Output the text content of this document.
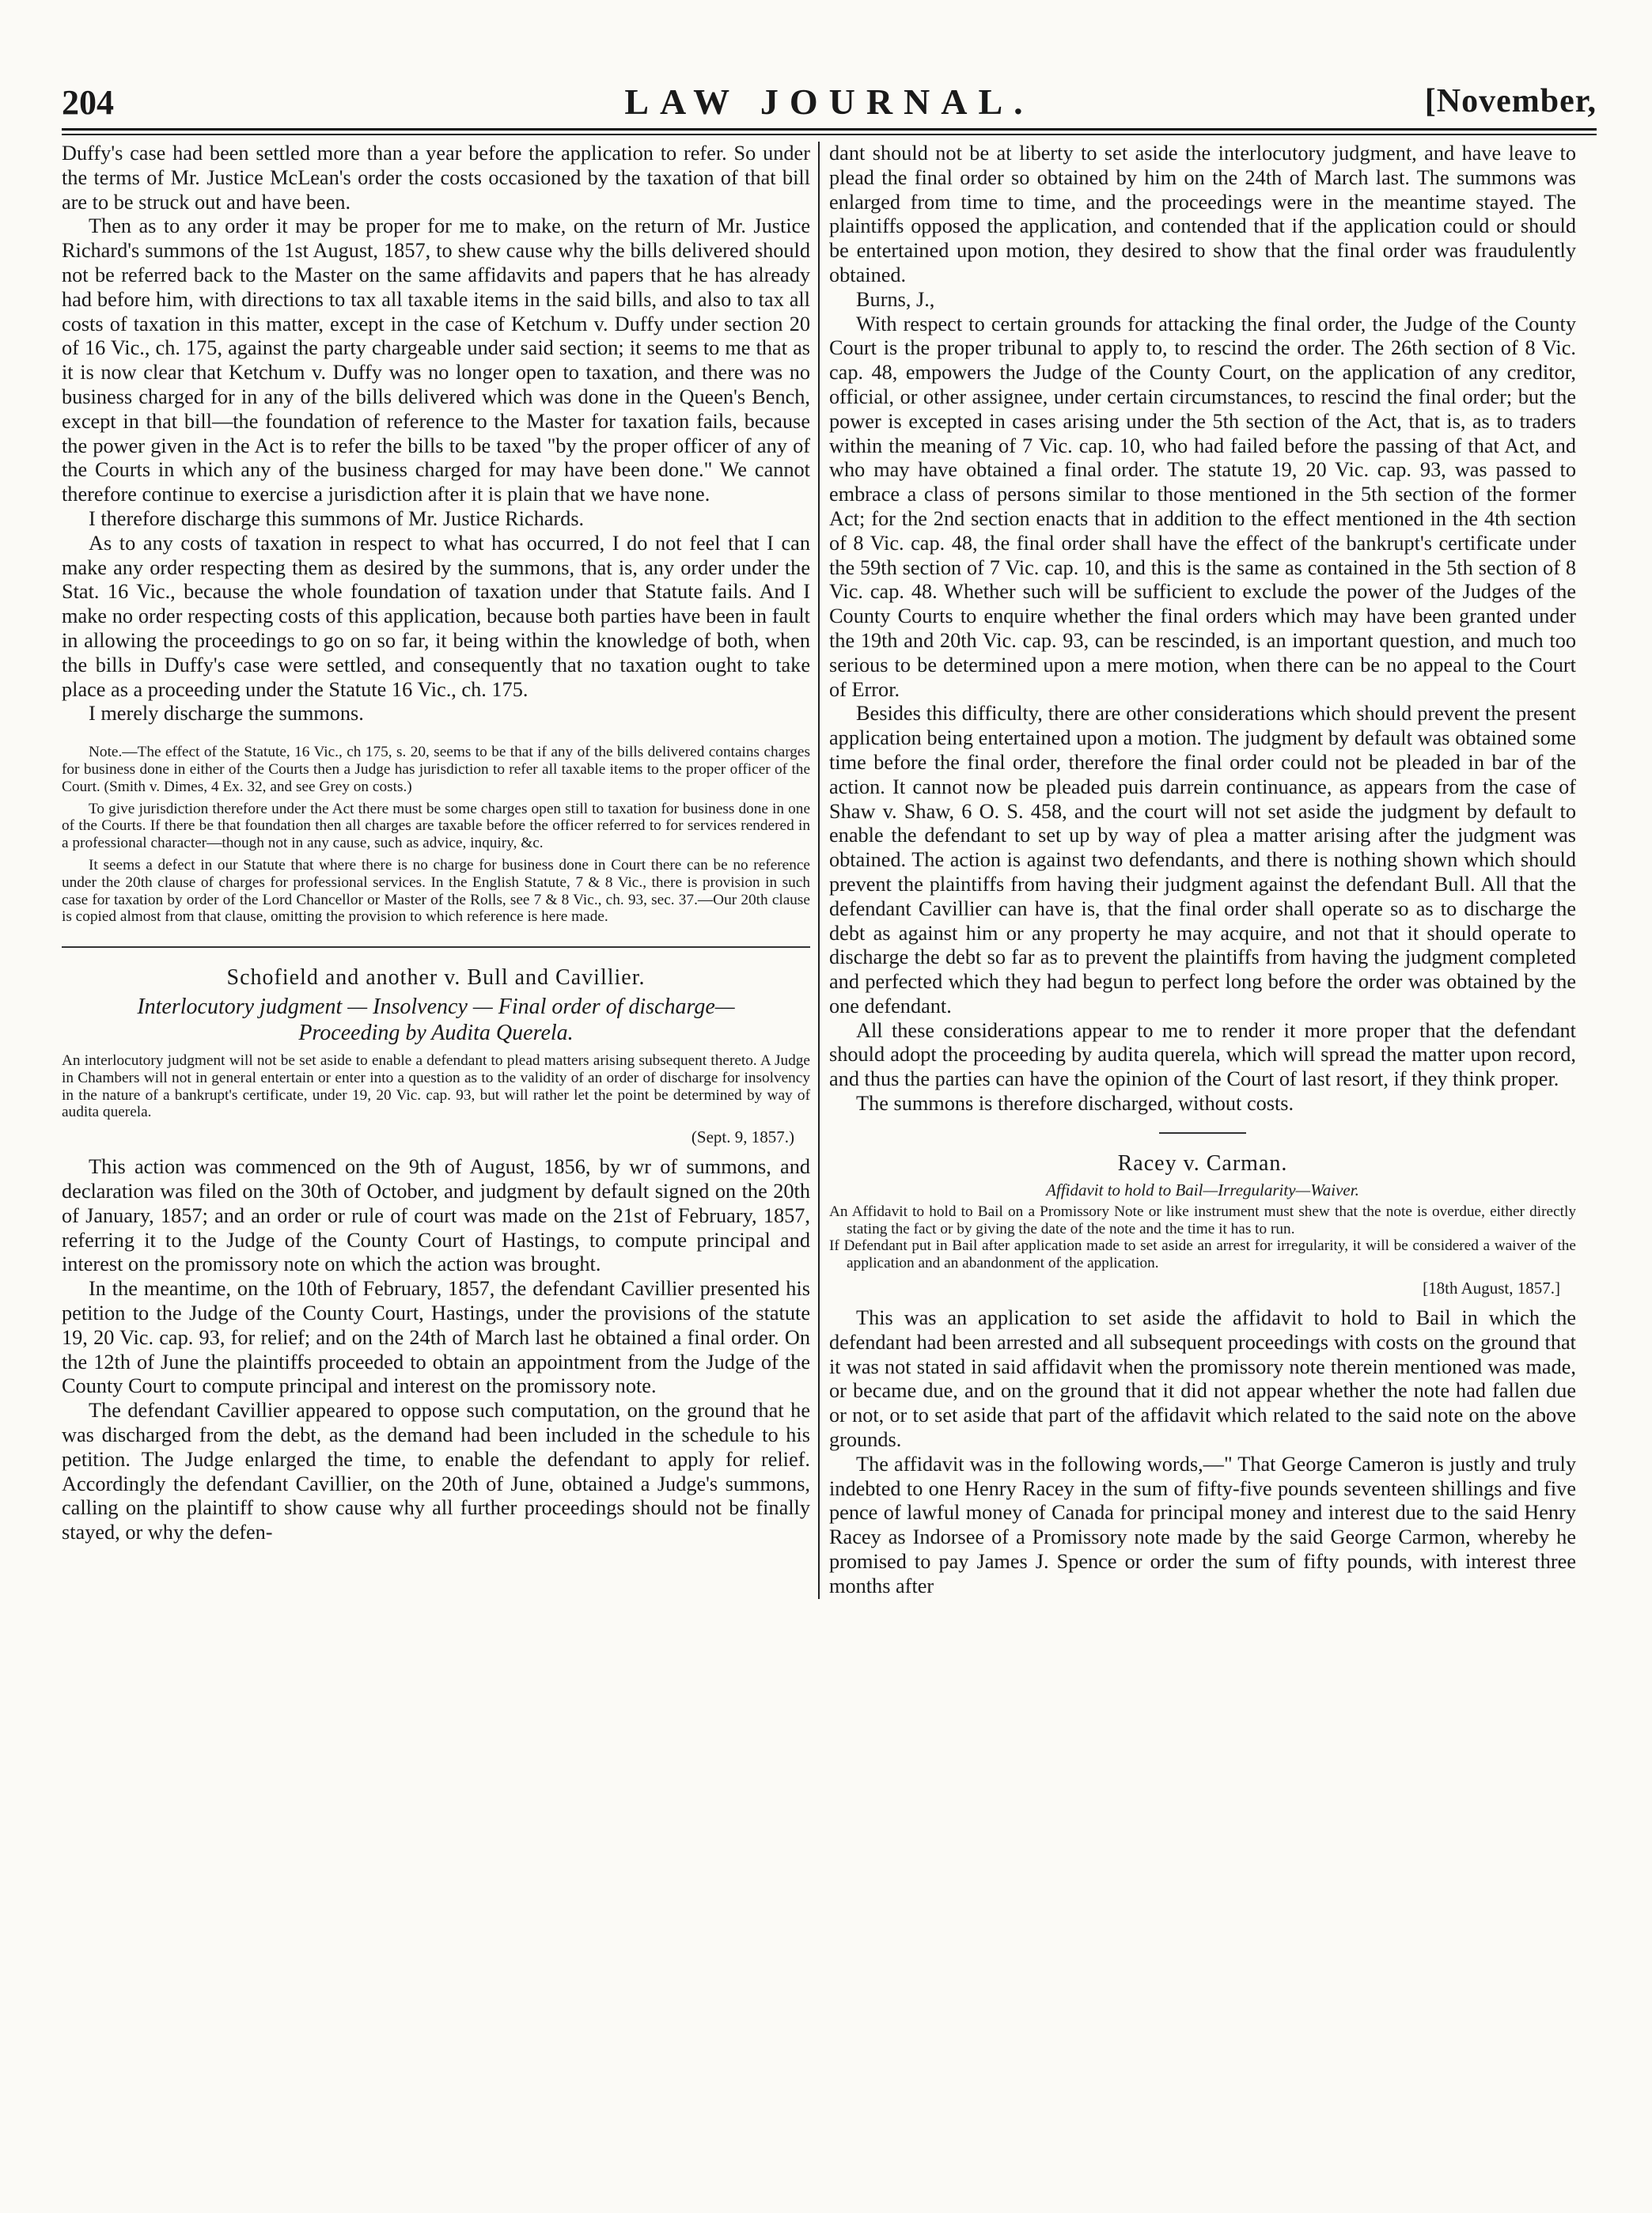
204	LAW JOURNAL.	[November,

Duffy's case had been settled more than a year before the application to refer. So under the terms of Mr. Justice McLean's order the costs occasioned by the taxation of that bill are to be struck out and have been.

Then as to any order it may be proper for me to make, on the return of Mr. Justice Richard's summons of the 1st August, 1857, to shew cause why the bills delivered should not be referred back to the Master on the same affidavits and papers that he has already had before him, with directions to tax all taxable items in the said bills, and also to tax all costs of taxation in this matter, except in the case of Ketchum v. Duffy under section 20 of 16 Vic., ch. 175, against the party chargeable under said section; it seems to me that as it is now clear that Ketchum v. Duffy was no longer open to taxation, and there was no business charged for in any of the bills delivered which was done in the Queen's Bench, except in that bill—the foundation of reference to the Master for taxation fails, because the power given in the Act is to refer the bills to be taxed "by the proper officer of any of the Courts in which any of the business charged for may have been done." We cannot therefore continue to exercise a jurisdiction after it is plain that we have none.

I therefore discharge this summons of Mr. Justice Richards.

As to any costs of taxation in respect to what has occurred, I do not feel that I can make any order respecting them as desired by the summons, that is, any order under the Stat. 16 Vic., because the whole foundation of taxation under that Statute fails. And I make no order respecting costs of this application, because both parties have been in fault in allowing the proceedings to go on so far, it being within the knowledge of both, when the bills in Duffy's case were settled, and consequently that no taxation ought to take place as a proceeding under the Statute 16 Vic., ch. 175.

I merely discharge the summons.

Note.—The effect of the Statute, 16 Vic., ch 175, s. 20, seems to be that if any of the bills delivered contains charges for business done in either of the Courts then a Judge has jurisdiction to refer all taxable items to the proper officer of the Court. (Smith v. Dimes, 4 Ex. 32, and see Grey on costs.)

To give jurisdiction therefore under the Act there must be some charges open still to taxation for business done in one of the Courts. If there be that foundation then all charges are taxable before the officer referred to for services rendered in a professional character—though not in any cause, such as advice, inquiry, &c.

It seems a defect in our Statute that where there is no charge for business done in Court there can be no reference under the 20th clause of charges for professional services. In the English Statute, 7 & 8 Vic., there is provision in such case for taxation by order of the Lord Chancellor or Master of the Rolls, see 7 & 8 Vic., ch. 93, sec. 37.—Our 20th clause is copied almost from that clause, omitting the provision to which reference is here made.

Schofield and another v. Bull and Cavillier.
Interlocutory judgment — Insolvency — Final order of discharge—
Proceeding by Audita Querela.

An interlocutory judgment will not be set aside to enable a defendant to plead matters arising subsequent thereto. A Judge in Chambers will not in general entertain or enter into a question as to the validity of an order of discharge for insolvency in the nature of a bankrupt's certificate, under 19, 20 Vic. cap. 93, but will rather let the point be determined by way of audita querela.

(Sept. 9, 1857.)

This action was commenced on the 9th of August, 1856, by wr of summons, and declaration was filed on the 30th of October, and judgment by default signed on the 20th of January, 1857; and an order or rule of court was made on the 21st of February, 1857, referring it to the Judge of the County Court of Hastings, to compute principal and interest on the promissory note on which the action was brought.

In the meantime, on the 10th of February, 1857, the defendant Cavillier presented his petition to the Judge of the County Court, Hastings, under the provisions of the statute 19, 20 Vic. cap. 93, for relief; and on the 24th of March last he obtained a final order. On the 12th of June the plaintiffs proceeded to obtain an appointment from the Judge of the County Court to compute principal and interest on the promissory note.

The defendant Cavillier appeared to oppose such computation, on the ground that he was discharged from the debt, as the demand had been included in the schedule to his petition. The Judge enlarged the time, to enable the defendant to apply for relief. Accordingly the defendant Cavillier, on the 20th of June, obtained a Judge's summons, calling on the plaintiff to show cause why all further proceedings should not be finally stayed, or why the defen-

dant should not be at liberty to set aside the interlocutory judgment, and have leave to plead the final order so obtained by him on the 24th of March last. The summons was enlarged from time to time, and the proceedings were in the meantime stayed. The plaintiffs opposed the application, and contended that if the application could or should be entertained upon motion, they desired to show that the final order was fraudulently obtained.

Burns, J.,

With respect to certain grounds for attacking the final order, the Judge of the County Court is the proper tribunal to apply to, to rescind the order. The 26th section of 8 Vic. cap. 48, empowers the Judge of the County Court, on the application of any creditor, official, or other assignee, under certain circumstances, to rescind the final order; but the power is excepted in cases arising under the 5th section of the Act, that is, as to traders within the meaning of 7 Vic. cap. 10, who had failed before the passing of that Act, and who may have obtained a final order. The statute 19, 20 Vic. cap. 93, was passed to embrace a class of persons similar to those mentioned in the 5th section of the former Act; for the 2nd section enacts that in addition to the effect mentioned in the 4th section of 8 Vic. cap. 48, the final order shall have the effect of the bankrupt's certificate under the 59th section of 7 Vic. cap. 10, and this is the same as contained in the 5th section of 8 Vic. cap. 48. Whether such will be sufficient to exclude the power of the Judges of the County Courts to enquire whether the final orders which may have been granted under the 19th and 20th Vic. cap. 93, can be rescinded, is an important question, and much too serious to be determined upon a mere motion, when there can be no appeal to the Court of Error.

Besides this difficulty, there are other considerations which should prevent the present application being entertained upon a motion. The judgment by default was obtained some time before the final order, therefore the final order could not be pleaded in bar of the action. It cannot now be pleaded puis darrein continuance, as appears from the case of Shaw v. Shaw, 6 O. S. 458, and the court will not set aside the judgment by default to enable the defendant to set up by way of plea a matter arising after the judgment was obtained. The action is against two defendants, and there is nothing shown which should prevent the plaintiffs from having their judgment against the defendant Bull. All that the defendant Cavillier can have is, that the final order shall operate so as to discharge the debt as against him or any property he may acquire, and not that it should operate to discharge the debt so far as to prevent the plaintiffs from having the judgment completed and perfected which they had begun to perfect long before the order was obtained by the one defendant.

All these considerations appear to me to render it more proper that the defendant should adopt the proceeding by audita querela, which will spread the matter upon record, and thus the parties can have the opinion of the Court of last resort, if they think proper.

The summons is therefore discharged, without costs.

Racey v. Carman.
Affidavit to hold to Bail—Irregularity—Waiver.

An Affidavit to hold to Bail on a Promissory Note or like instrument must shew that the note is overdue, either directly stating the fact or by giving the date of the note and the time it has to run.

If Defendant put in Bail after application made to set aside an arrest for irregularity, it will be considered a waiver of the application and an abandonment of the application.

[18th August, 1857.]

This was an application to set aside the affidavit to hold to Bail in which the defendant had been arrested and all subsequent proceedings with costs on the ground that it was not stated in said affidavit when the promissory note therein mentioned was made, or became due, and on the ground that it did not appear whether the note had fallen due or not, or to set aside that part of the affidavit which related to the said note on the above grounds.

The affidavit was in the following words,—" That George Cameron is justly and truly indebted to one Henry Racey in the sum of fifty-five pounds seventeen shillings and five pence of lawful money of Canada for principal money and interest due to the said Henry Racey as Indorsee of a Promissory note made by the said George Carmon, whereby he promised to pay James J. Spence or order the sum of fifty pounds, with interest three months after
